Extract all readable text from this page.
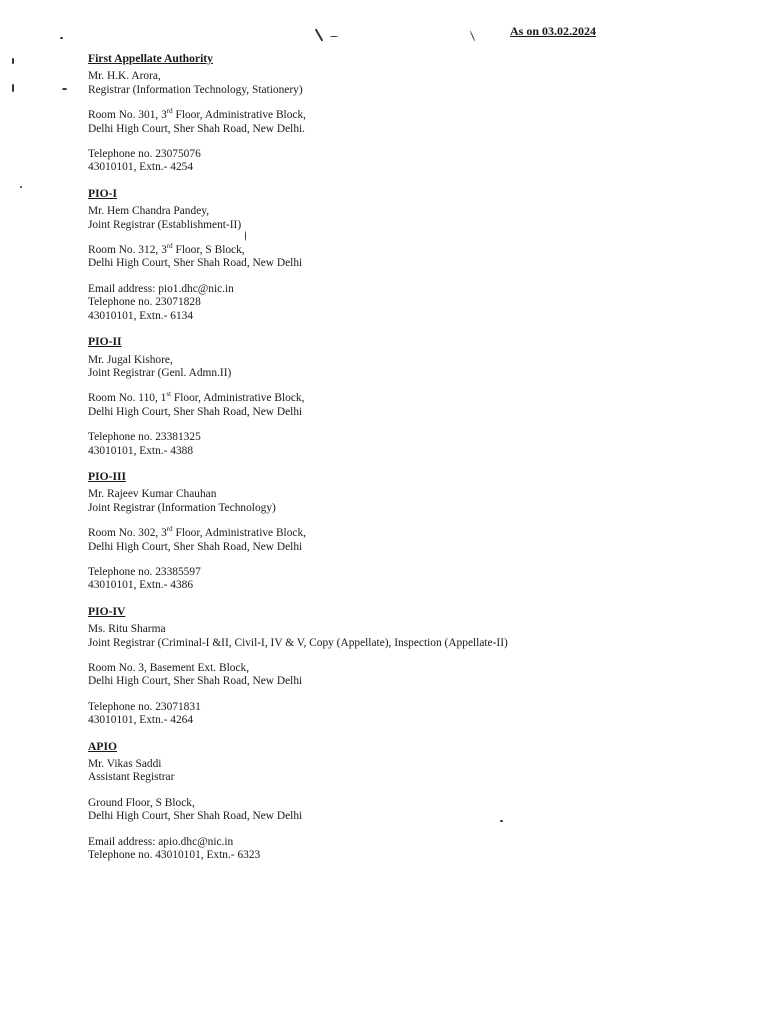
As on 03.02.2024
First Appellate Authority
Mr. H.K. Arora,
Registrar (Information Technology, Stationery)
Room No. 301, 3rd Floor, Administrative Block,
Delhi High Court, Sher Shah Road, New Delhi.
Telephone no. 23075076
43010101, Extn.- 4254
PIO-I
Mr. Hem Chandra Pandey,
Joint Registrar (Establishment-II)
Room No. 312, 3rd Floor, S Block,
Delhi High Court, Sher Shah Road, New Delhi
Email address: pio1.dhc@nic.in
Telephone no. 23071828
43010101, Extn.- 6134
PIO-II
Mr. Jugal Kishore,
Joint Registrar (Genl. Admn.II)
Room No. 110, 1st Floor, Administrative Block,
Delhi High Court, Sher Shah Road, New Delhi
Telephone no. 23381325
43010101, Extn.- 4388
PIO-III
Mr. Rajeev Kumar Chauhan
Joint Registrar (Information Technology)
Room No. 302, 3rd Floor, Administrative Block,
Delhi High Court, Sher Shah Road, New Delhi
Telephone no. 23385597
43010101, Extn.- 4386
PIO-IV
Ms. Ritu Sharma
Joint Registrar (Criminal-I &II, Civil-I, IV & V, Copy (Appellate), Inspection (Appellate-II)
Room No. 3, Basement Ext. Block,
Delhi High Court, Sher Shah Road, New Delhi
Telephone no. 23071831
43010101, Extn.- 4264
APIO
Mr. Vikas Saddi
Assistant Registrar
Ground Floor, S Block,
Delhi High Court, Sher Shah Road, New Delhi
Email address: apio.dhc@nic.in
Telephone no. 43010101, Extn.- 6323
